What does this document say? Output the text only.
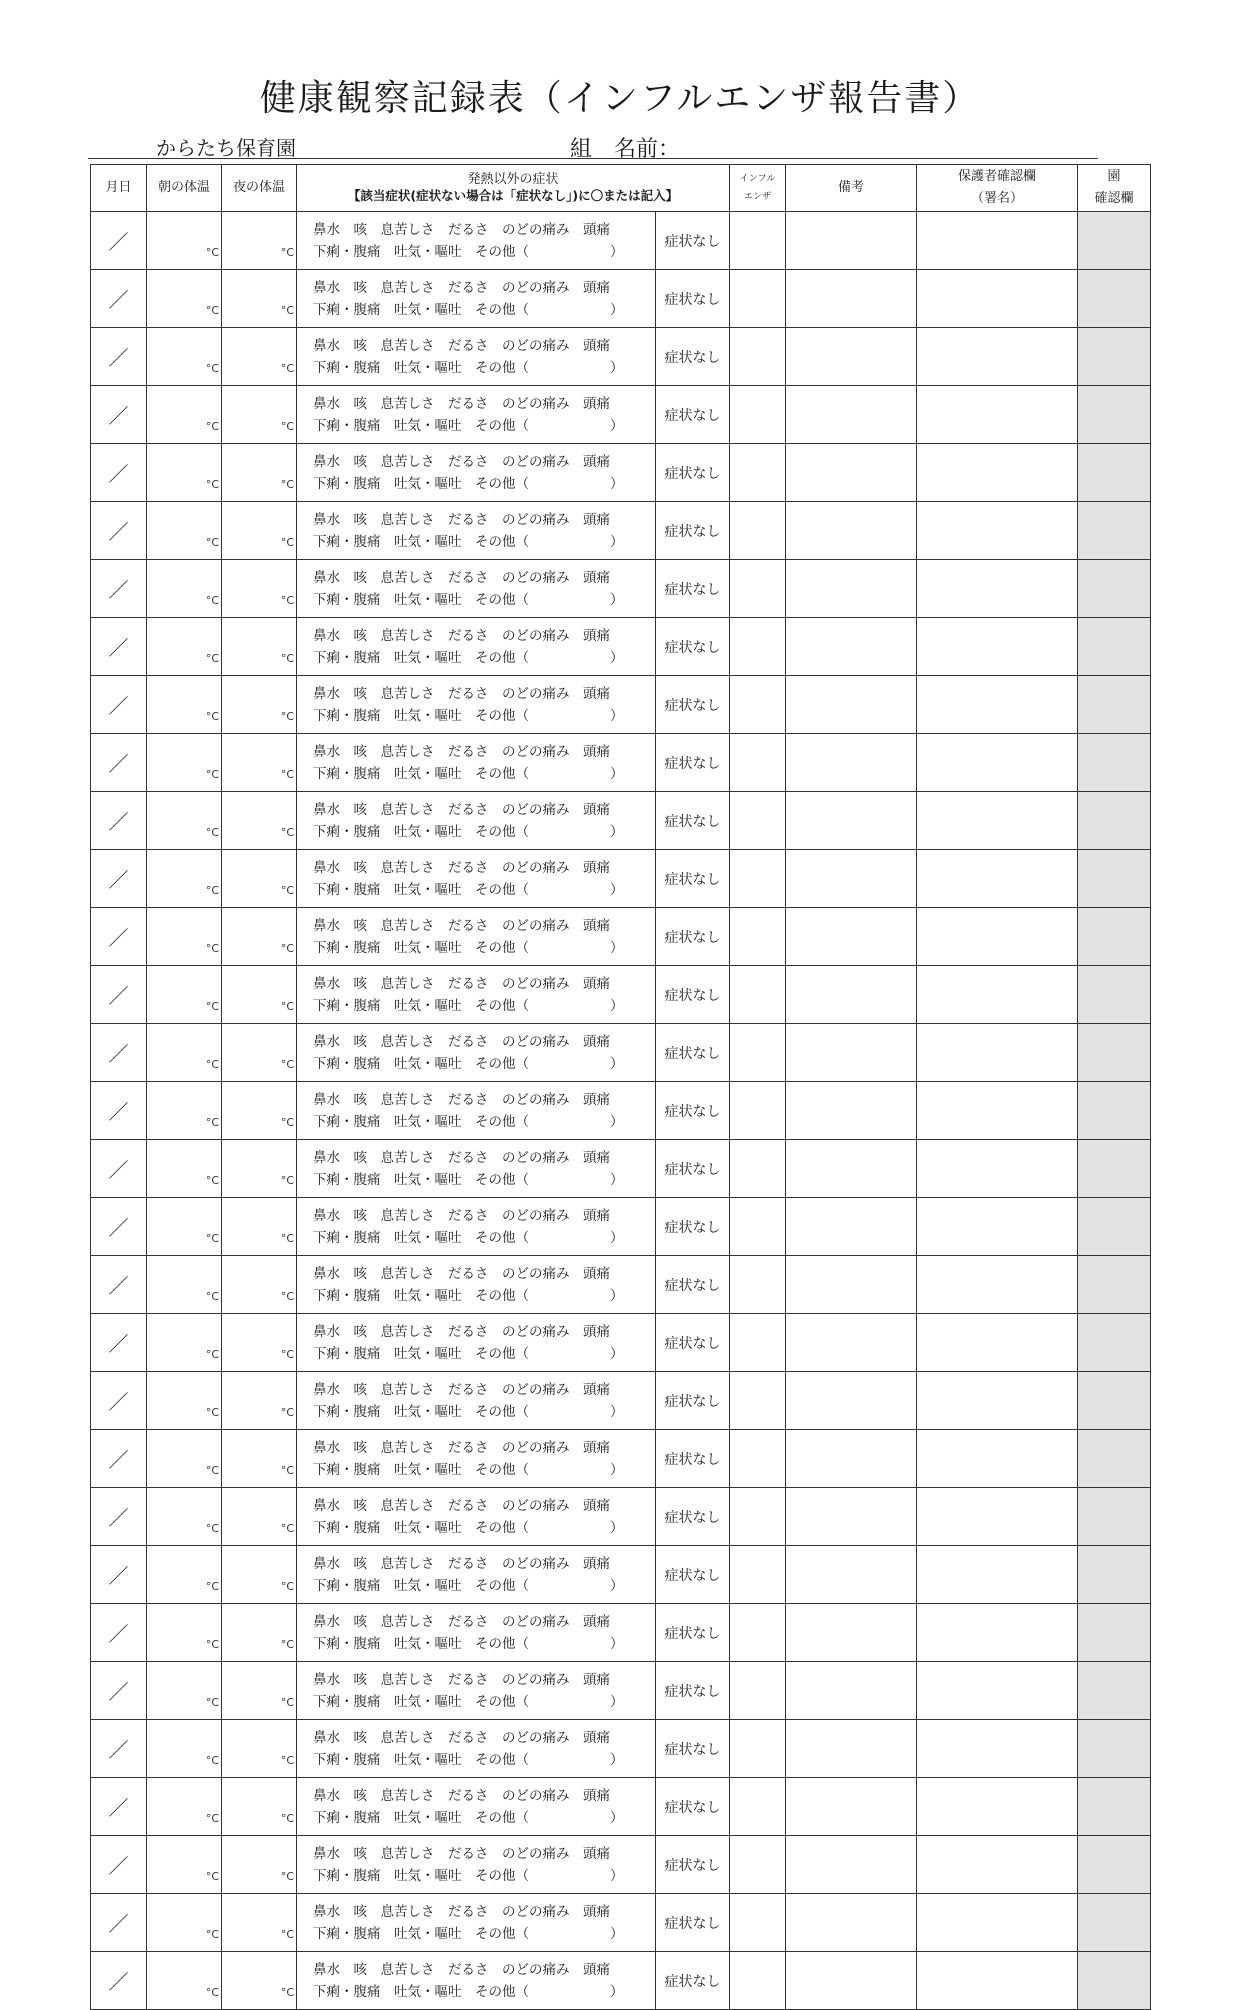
健康観察記録表（インフルエンザ報告書）
からたち保育園	組 名前：
月日	朝の体温	夜の体温	発熱以外の症状
【該当症状(症状ない場合は「症状なし」)に〇または記入】		インフル
エンザ	備考	保護者確認欄
（署名）	園
確認欄

／	°C	°C	鼻水　咳　息苦しさ　だるさ　のどの痛み　頭痛
下痢・腹痛　吐気・嘔吐　その他（　　　　　　）	症状なし				
／	°C	°C	鼻水　咳　息苦しさ　だるさ　のどの痛み　頭痛
下痢・腹痛　吐気・嘔吐　その他（　　　　　　）	症状なし				
／	°C	°C	鼻水　咳　息苦しさ　だるさ　のどの痛み　頭痛
下痢・腹痛　吐気・嘔吐　その他（　　　　　　）	症状なし				
／	°C	°C	鼻水　咳　息苦しさ　だるさ　のどの痛み　頭痛
下痢・腹痛　吐気・嘔吐　その他（　　　　　　）	症状なし				
／	°C	°C	鼻水　咳　息苦しさ　だるさ　のどの痛み　頭痛
下痢・腹痛　吐気・嘔吐　その他（　　　　　　）	症状なし				
／	°C	°C	鼻水　咳　息苦しさ　だるさ　のどの痛み　頭痛
下痢・腹痛　吐気・嘔吐　その他（　　　　　　）	症状なし				
／	°C	°C	鼻水　咳　息苦しさ　だるさ　のどの痛み　頭痛
下痢・腹痛　吐気・嘔吐　その他（　　　　　　）	症状なし				
／	°C	°C	鼻水　咳　息苦しさ　だるさ　のどの痛み　頭痛
下痢・腹痛　吐気・嘔吐　その他（　　　　　　）	症状なし				
／	°C	°C	鼻水　咳　息苦しさ　だるさ　のどの痛み　頭痛
下痢・腹痛　吐気・嘔吐　その他（　　　　　　）	症状なし				
／	°C	°C	鼻水　咳　息苦しさ　だるさ　のどの痛み　頭痛
下痢・腹痛　吐気・嘔吐　その他（　　　　　　）	症状なし				
／	°C	°C	鼻水　咳　息苦しさ　だるさ　のどの痛み　頭痛
下痢・腹痛　吐気・嘔吐　その他（　　　　　　）	症状なし				
／	°C	°C	鼻水　咳　息苦しさ　だるさ　のどの痛み　頭痛
下痢・腹痛　吐気・嘔吐　その他（　　　　　　）	症状なし				
／	°C	°C	鼻水　咳　息苦しさ　だるさ　のどの痛み　頭痛
下痢・腹痛　吐気・嘔吐　その他（　　　　　　）	症状なし				
／	°C	°C	鼻水　咳　息苦しさ　だるさ　のどの痛み　頭痛
下痢・腹痛　吐気・嘔吐　その他（　　　　　　）	症状なし				
／	°C	°C	鼻水　咳　息苦しさ　だるさ　のどの痛み　頭痛
下痢・腹痛　吐気・嘔吐　その他（　　　　　　）	症状なし				
／	°C	°C	鼻水　咳　息苦しさ　だるさ　のどの痛み　頭痛
下痢・腹痛　吐気・嘔吐　その他（　　　　　　）	症状なし				
／	°C	°C	鼻水　咳　息苦しさ　だるさ　のどの痛み　頭痛
下痢・腹痛　吐気・嘔吐　その他（　　　　　　）	症状なし				
／	°C	°C	鼻水　咳　息苦しさ　だるさ　のどの痛み　頭痛
下痢・腹痛　吐気・嘔吐　その他（　　　　　　）	症状なし				
／	°C	°C	鼻水　咳　息苦しさ　だるさ　のどの痛み　頭痛
下痢・腹痛　吐気・嘔吐　その他（　　　　　　）	症状なし				
／	°C	°C	鼻水　咳　息苦しさ　だるさ　のどの痛み　頭痛
下痢・腹痛　吐気・嘔吐　その他（　　　　　　）	症状なし				
／	°C	°C	鼻水　咳　息苦しさ　だるさ　のどの痛み　頭痛
下痢・腹痛　吐気・嘔吐　その他（　　　　　　）	症状なし				
／	°C	°C	鼻水　咳　息苦しさ　だるさ　のどの痛み　頭痛
下痢・腹痛　吐気・嘔吐　その他（　　　　　　）	症状なし				
／	°C	°C	鼻水　咳　息苦しさ　だるさ　のどの痛み　頭痛
下痢・腹痛　吐気・嘔吐　その他（　　　　　　）	症状なし				
／	°C	°C	鼻水　咳　息苦しさ　だるさ　のどの痛み　頭痛
下痢・腹痛　吐気・嘔吐　その他（　　　　　　）	症状なし				
／	°C	°C	鼻水　咳　息苦しさ　だるさ　のどの痛み　頭痛
下痢・腹痛　吐気・嘔吐　その他（　　　　　　）	症状なし				
／	°C	°C	鼻水　咳　息苦しさ　だるさ　のどの痛み　頭痛
下痢・腹痛　吐気・嘔吐　その他（　　　　　　）	症状なし				
／	°C	°C	鼻水　咳　息苦しさ　だるさ　のどの痛み　頭痛
下痢・腹痛　吐気・嘔吐　その他（　　　　　　）	症状なし				
／	°C	°C	鼻水　咳　息苦しさ　だるさ　のどの痛み　頭痛
下痢・腹痛　吐気・嘔吐　その他（　　　　　　）	症状なし				
／	°C	°C	鼻水　咳　息苦しさ　だるさ　のどの痛み　頭痛
下痢・腹痛　吐気・嘔吐　その他（　　　　　　）	症状なし				
／	°C	°C	鼻水　咳　息苦しさ　だるさ　のどの痛み　頭痛
下痢・腹痛　吐気・嘔吐　その他（　　　　　　）	症状なし				
／	°C	°C	鼻水　咳　息苦しさ　だるさ　のどの痛み　頭痛
下痢・腹痛　吐気・嘔吐　その他（　　　　　　）	症状なし				
